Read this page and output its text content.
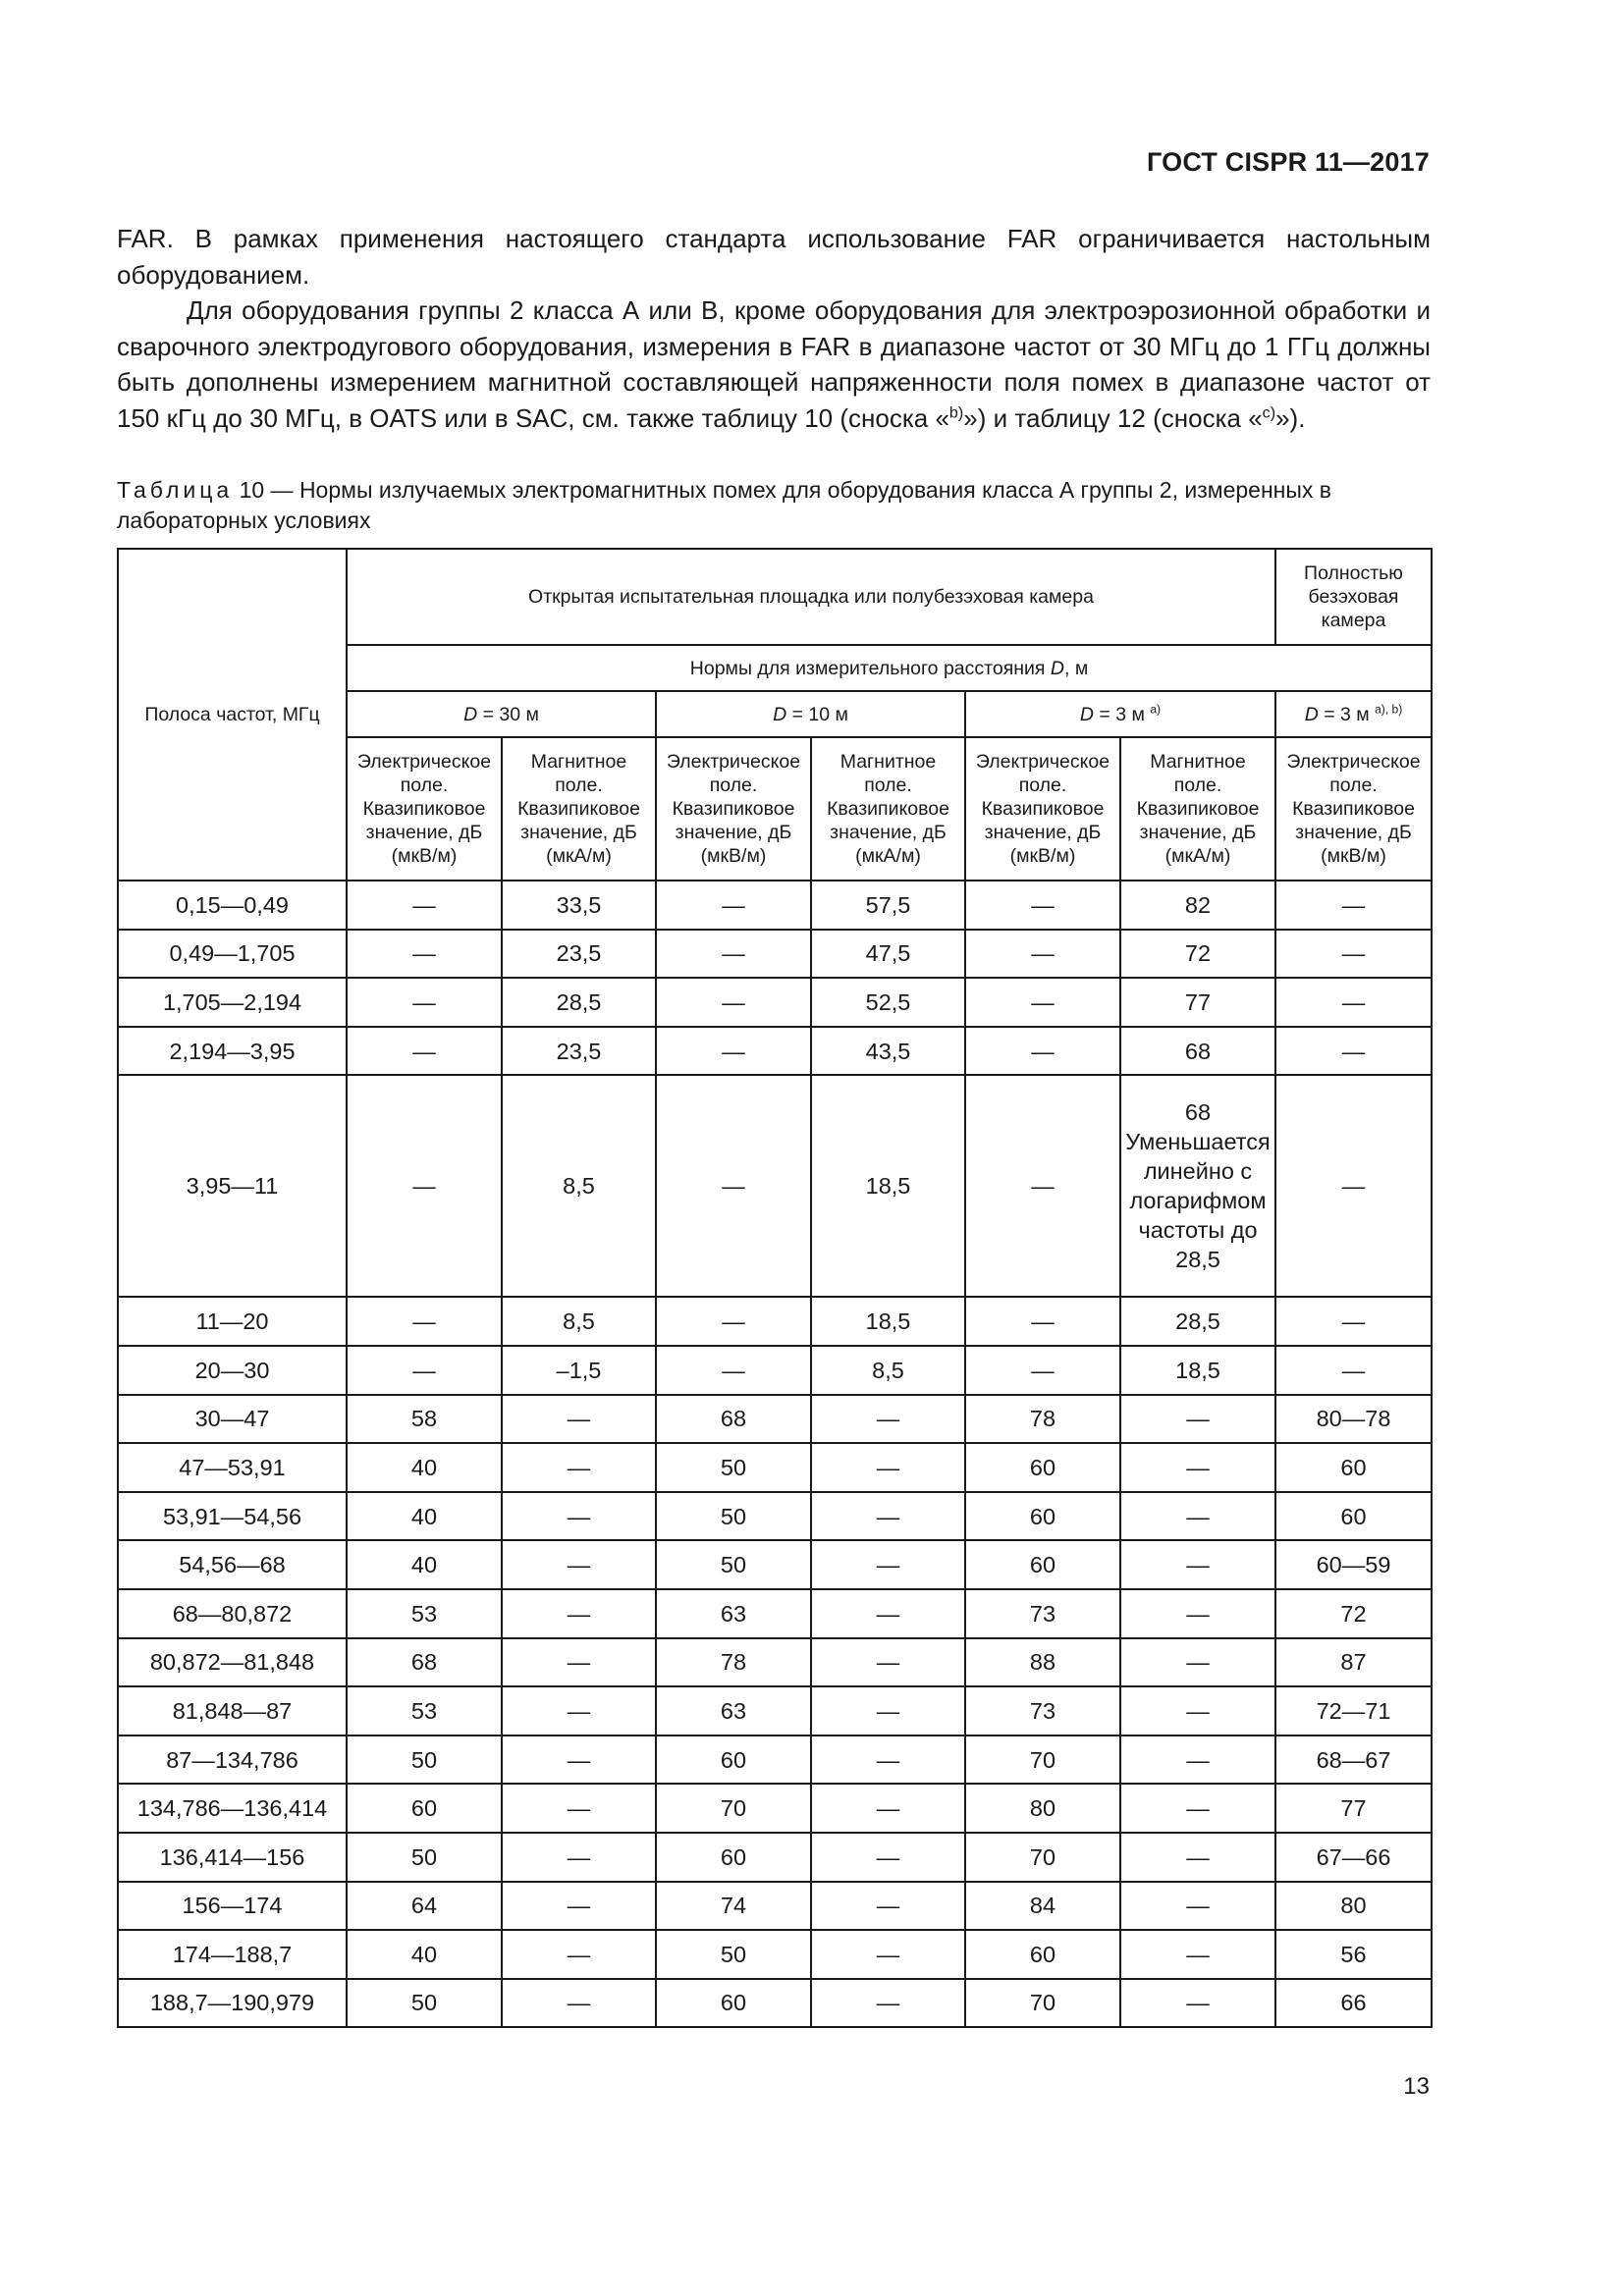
ГОСТ CISPR 11—2017

FAR. В рамках применения настоящего стандарта использование FAR ограничивается настольным оборудованием.

Для оборудования группы 2 класса А или В, кроме оборудования для электроэрозионной обработки и сварочного электродугового оборудования, измерения в FAR в диапазоне частот от 30 МГц до 1 ГГц должны быть дополнены измерением магнитной составляющей напряженности поля помех в диапазоне частот от 150 кГц до 30 МГц, в OATS или в SAC, см. также таблицу 10 (сноска «$^{b)}$») и таблицу 12 (сноска «$^{c)}$»).

Таблица 10 — Нормы излучаемых электромагнитных помех для оборудования класса А группы 2, измеренных в лабораторных условиях
Полоса частот, МГц	Открытая испытательная площадка или полубезэховая камера						Полностью безэховая камера
	Нормы для измерительного расстояния D, м						
	D = 30 м		D = 10 м		D = 3 м $^{a)}$		D = 3 м $^{a), b)}$
	Электрическое поле. Квазипиковое значение, дБ (мкВ/м)	Магнитное поле. Квазипиковое значение, дБ (мкА/м)	Электрическое поле. Квазипиковое значение, дБ (мкВ/м)	Магнитное поле. Квазипиковое значение, дБ (мкА/м)	Электрическое поле. Квазипиковое значение, дБ (мкВ/м)	Магнитное поле. Квазипиковое значение, дБ (мкА/м)	Электрическое поле. Квазипиковое значение, дБ (мкВ/м)
0,15—0,49	—	33,5	—	57,5	—	82	—
0,49—1,705	—	23,5	—	47,5	—	72	—
1,705—2,194	—	28,5	—	52,5	—	77	—
2,194—3,95	—	23,5	—	43,5	—	68	—
3,95—11	—	8,5	—	18,5	—	68 Уменьшается линейно с логарифмом частоты до 28,5	—
11—20	—	8,5	—	18,5	—	28,5	—
20—30	—	–1,5	—	8,5	—	18,5	—
30—47	58	—	68	—	78	—	80—78
47—53,91	40	—	50	—	60	—	60
53,91—54,56	40	—	50	—	60	—	60
54,56—68	40	—	50	—	60	—	60—59
68—80,872	53	—	63	—	73	—	72
80,872—81,848	68	—	78	—	88	—	87
81,848—87	53	—	63	—	73	—	72—71
87—134,786	50	—	60	—	70	—	68—67
134,786—136,414	60	—	70	—	80	—	77
136,414—156	50	—	60	—	70	—	67—66
156—174	64	—	74	—	84	—	80
174—188,7	40	—	50	—	60	—	56
188,7—190,979	50	—	60	—	70	—	66
13
